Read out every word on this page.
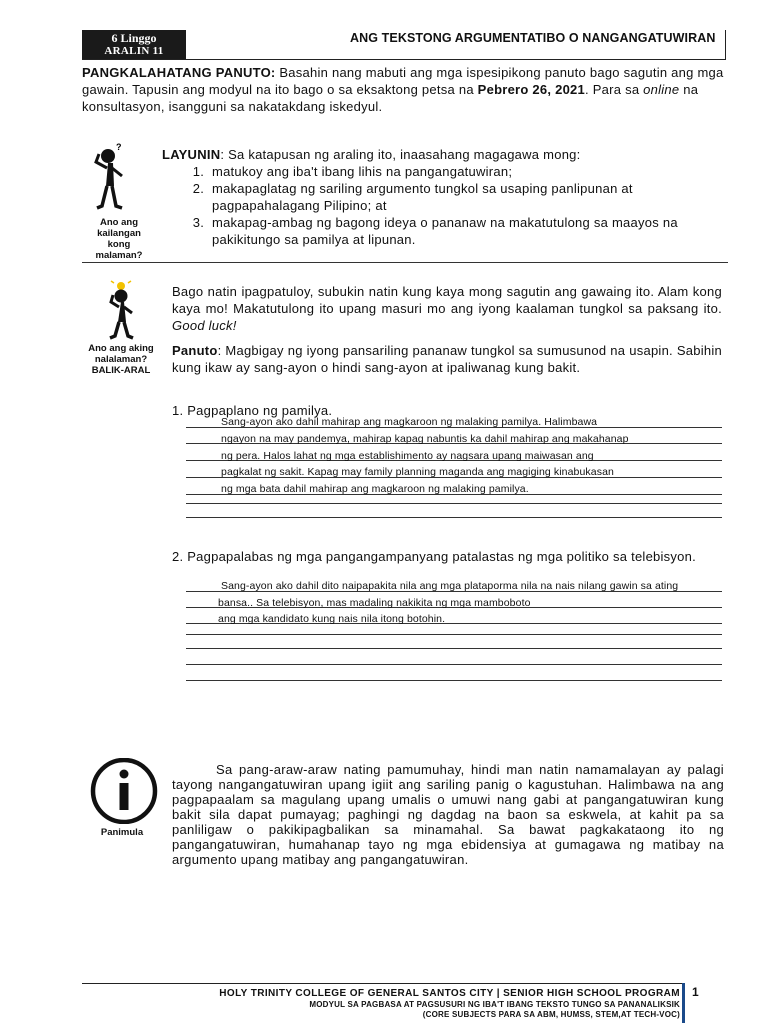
6 Linggo
ARALIN 11
ANG TEKSTONG ARGUMENTATIBO O NANGANGATUWIRAN
PANGKALAHATANG PANUTO: Basahin nang mabuti ang mga ispesipikong panuto bago sagutin ang mga gawain. Tapusin ang modyul na ito bago o sa eksaktong petsa na Pebrero 26, 2021. Para sa online na konsultasyon, isangguni sa nakatakdang iskedyul.
?
Ano ang
kailangan
kong
malaman?
LAYUNIN: Sa katapusan ng araling ito, inaasahang magagawa mong:
1. matukoy ang iba't ibang lihis na pangangatuwiran;
2. makapaglatag ng sariling argumento tungkol sa usaping panlipunan at pagpapahalagang Pilipino; at
3. makapag-ambag ng bagong ideya o pananaw na makatutulong sa maayos na pakikitungo sa pamilya at lipunan.
Ano ang aking
nalalaman?
BALIK-ARAL
Bago natin ipagpatuloy, subukin natin kung kaya mong sagutin ang gawaing ito. Alam kong kaya mo! Makatutulong ito upang masuri mo ang iyong kaalaman tungkol sa paksang ito. Good luck!
Panuto: Magbigay ng iyong pansariling pananaw tungkol sa sumusunod na usapin. Sabihin kung ikaw ay sang-ayon o hindi sang-ayon at ipaliwanag kung bakit.
1. Pagpaplano ng pamilya.
Sang-ayon ako dahil mahirap ang magkaroon ng malaking pamilya. Halimbawa
ngayon na may pandemya, mahirap kapag nabuntis ka dahil mahirap ang makahanap
ng pera. Halos lahat ng mga establishimento ay nagsara upang maiwasan ang
pagkalat ng sakit. Kapag may family planning maganda ang magiging kinabukasan
ng mga bata dahil mahirap ang magkaroon ng malaking pamilya.
2. Pagpapalabas ng mga pangangampanyang patalastas ng mga politiko sa telebisyon.
Sang-ayon ako dahil dito naipapakita nila ang mga plataporma nila na nais nilang gawin sa ating
bansa.. Sa telebisyon, mas madaling nakikita ng mga mamboboto
ang mga kandidato kung nais nila itong botohin.
Panimula
Sa pang-araw-araw nating pamumuhay, hindi man natin namamalayan ay palagi tayong nangangatuwiran upang igiit ang sariling panig o kagustuhan. Halimbawa na ang pagpapaalam sa magulang upang umalis o umuwi nang gabi at pangangatuwiran kung bakit sila dapat pumayag; paghingi ng dagdag na baon sa eskwela, at kahit pa sa panliligaw o pakikipagbalikan sa minamahal. Sa bawat pagkakataong ito ng pangangatuwiran, humahanap tayo ng mga ebidensiya at gumagawa ng matibay na argumento upang matibay ang pangangatuwiran.
HOLY TRINITY COLLEGE OF GENERAL SANTOS CITY | SENIOR HIGH SCHOOL PROGRAM
MODYUL SA PAGBASA AT PAGSUSURI NG IBA'T IBANG TEKSTO TUNGO SA PANANALIKSIK
(CORE SUBJECTS PARA SA ABM, HUMSS, STEM,AT TECH-VOC)
1
